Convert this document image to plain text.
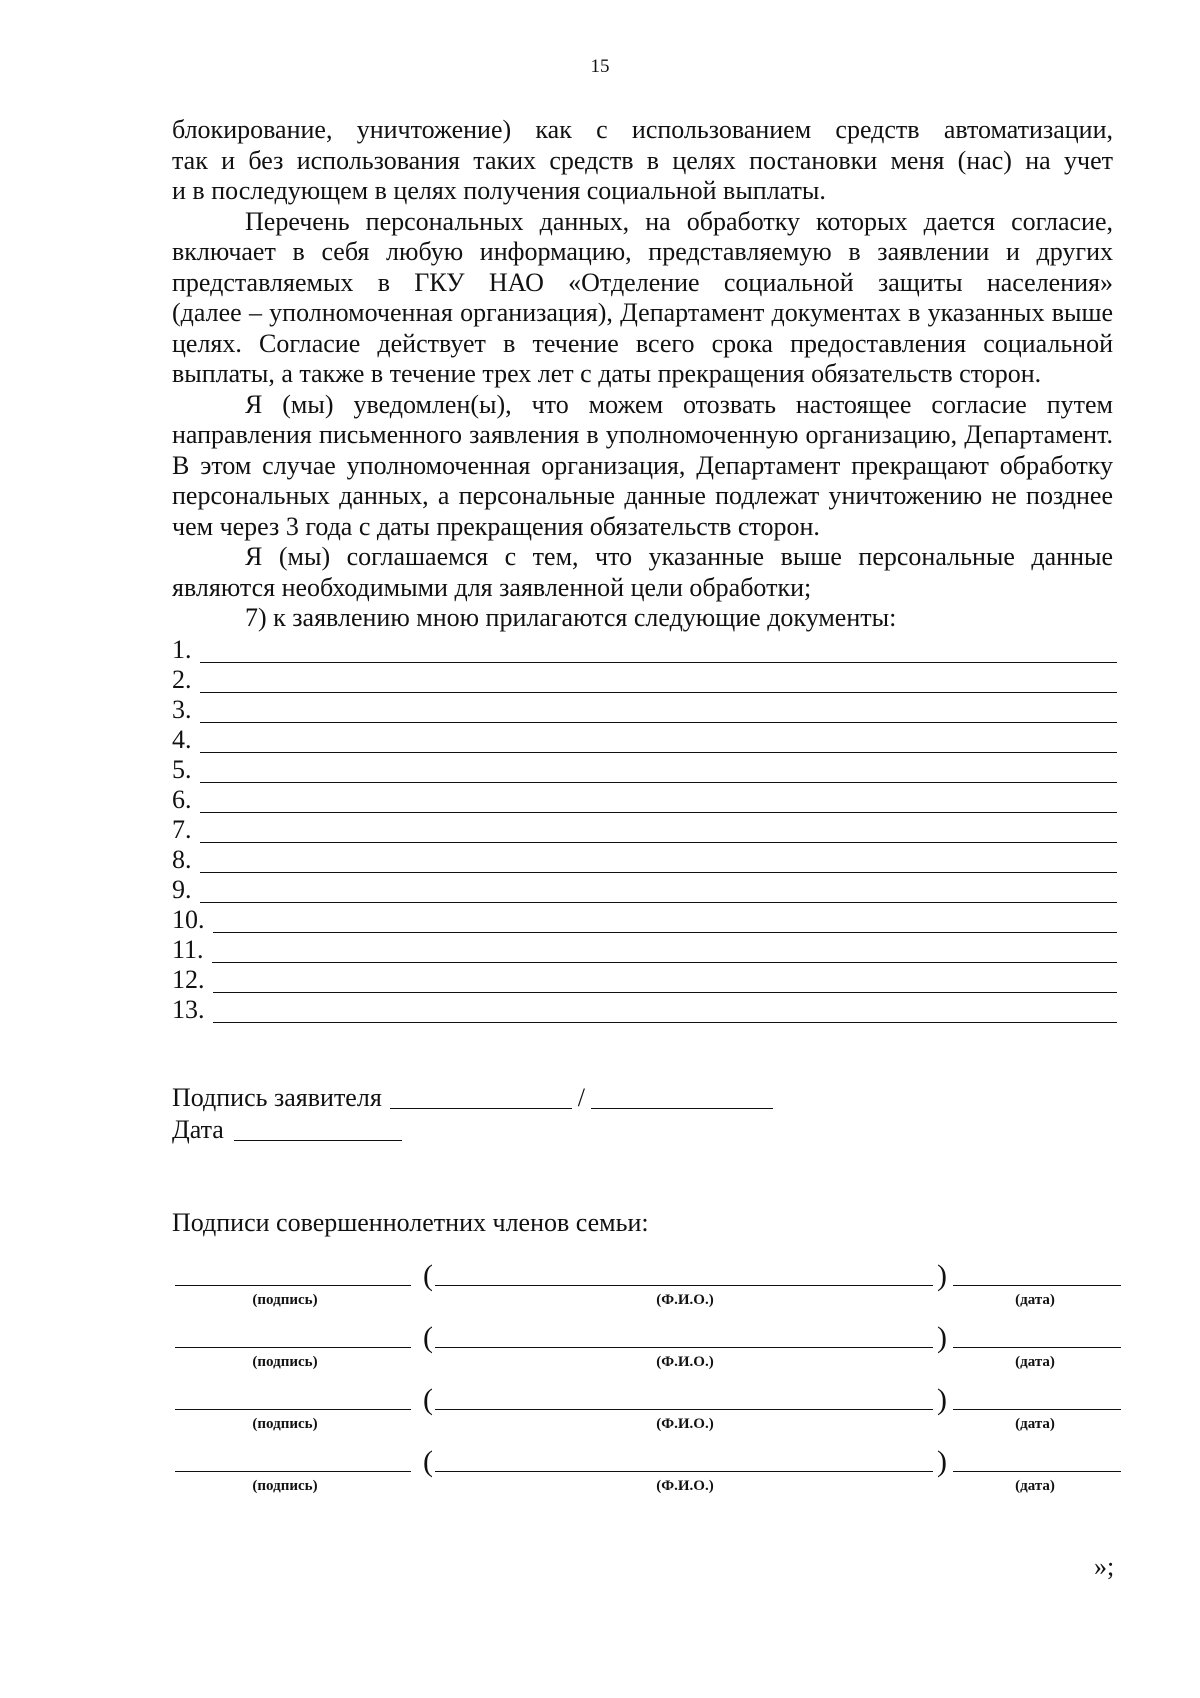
15

блокирование, уничтожение) как с использованием средств автоматизации,

так и без использования таких средств в целях постановки меня (нас) на учет

и в последующем в целях получения социальной выплаты.

Перечень персональных данных, на обработку которых дается согласие,

включает в себя любую информацию, представляемую в заявлении и других

представляемых в ГКУ НАО «Отделение социальной защиты населения»

(далее – уполномоченная организация), Департамент документах в указанных выше

целях. Согласие действует в течение всего срока предоставления социальной

выплаты, а также в течение трех лет с даты прекращения обязательств сторон.

Я (мы) уведомлен(ы), что можем отозвать настоящее согласие путем

направления письменного заявления в уполномоченную организацию, Департамент.

В этом случае уполномоченная организация, Департамент прекращают обработку

персональных данных, а персональные данные подлежат уничтожению не позднее

чем через 3 года с даты прекращения обязательств сторон.

Я (мы) соглашаемся с тем, что указанные выше персональные данные

являются необходимыми для заявленной цели обработки;

7) к заявлению мною прилагаются следующие документы:

1.
2.
3.
4.
5.
6.
7.
8.
9.
10.
11.
12.
13.
Подпись заявителя	/
Дата
Подписи совершеннолетних членов семьи:
(	)
(подпись)	(Ф.И.О.)	(дата)
(	)
(подпись)	(Ф.И.О.)	(дата)
(	)
(подпись)	(Ф.И.О.)	(дата)
(	)
(подпись)	(Ф.И.О.)	(дата)
»;
